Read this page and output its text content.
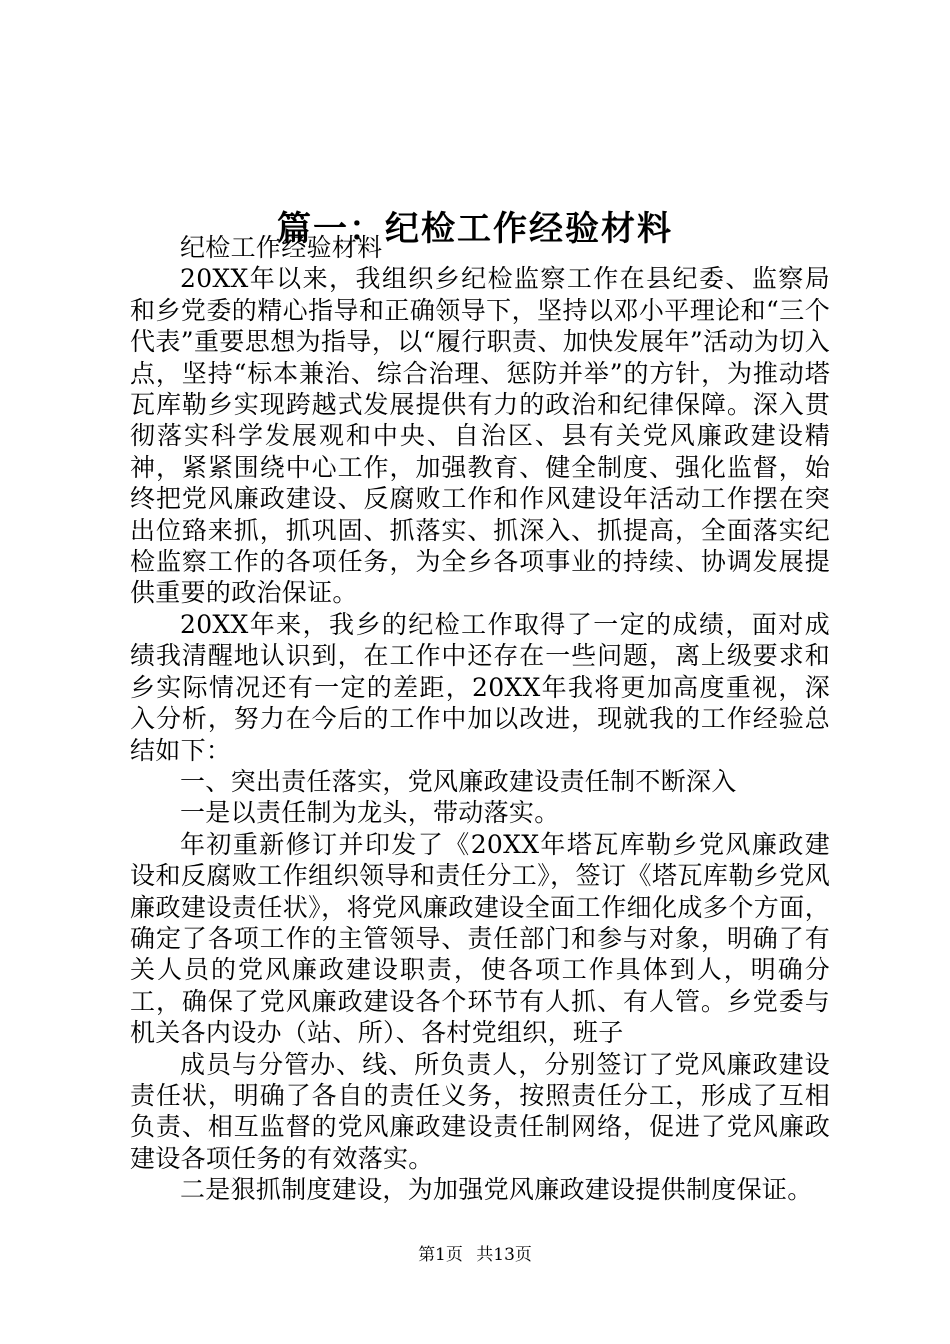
篇一：纪检工作经验材料

纪检工作经验材料

20XX年以来，我组织乡纪检监察工作在县纪委、监察局和乡党委的精心指导和正确领导下，坚持以邓小平理论和“三个代表”重要思想为指导，以“履行职责、加快发展年”活动为切入点，坚持“标本兼治、综合治理、惩防并举”的方针，为推动塔瓦库勒乡实现跨越式发展提供有力的政治和纪律保障。深入贯彻落实科学发展观和中央、自治区、县有关党风廉政建设精神，紧紧围绕中心工作，加强教育、健全制度、强化监督，始终把党风廉政建设、反腐败工作和作风建设年活动工作摆在突出位臵来抓，抓巩固、抓落实、抓深入、抓提高，全面落实纪检监察工作的各项任务，为全乡各项事业的持续、协调发展提供重要的政治保证。

20XX年来，我乡的纪检工作取得了一定的成绩，面对成绩我清醒地认识到，在工作中还存在一些问题，离上级要求和乡实际情况还有一定的差距，20XX年我将更加高度重视，深入分析，努力在今后的工作中加以改进，现就我的工作经验总结如下：

一、突出责任落实，党风廉政建设责任制不断深入

一是以责任制为龙头，带动落实。

年初重新修订并印发了《20XX年塔瓦库勒乡党风廉政建设和反腐败工作组织领导和责任分工》，签订《塔瓦库勒乡党风廉政建设责任状》，将党风廉政建设全面工作细化成多个方面，确定了各项工作的主管领导、责任部门和参与对象，明确了有关人员的党风廉政建设职责，使各项工作具体到人，明确分工，确保了党风廉政建设各个环节有人抓、有人管。乡党委与机关各内设办（站、所）、各村党组织，班子

成员与分管办、线、所负责人，分别签订了党风廉政建设责任状，明确了各自的责任义务，按照责任分工，形成了互相负责、相互监督的党风廉政建设责任制网络，促进了党风廉政建设各项任务的有效落实。

二是狠抓制度建设，为加强党风廉政建设提供制度保证。

第1页 共13页
